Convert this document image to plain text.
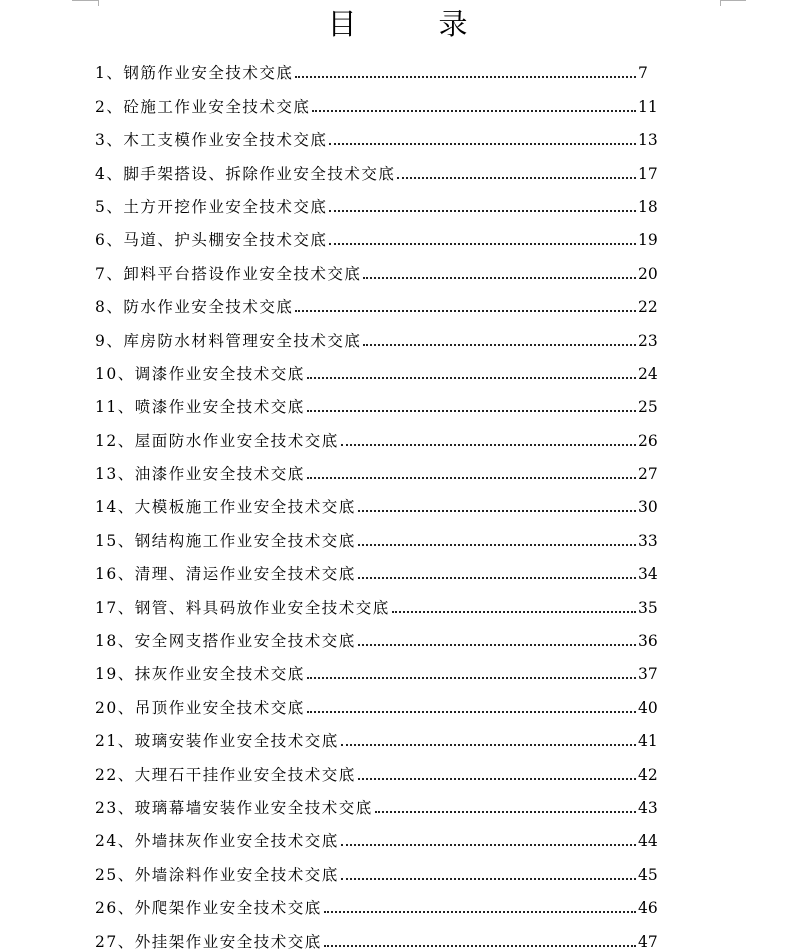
目	录
1、钢筋作业安全技术交底	7
2、砼施工作业安全技术交底	11
3、木工支模作业安全技术交底	13
4、脚手架搭设、拆除作业安全技术交底	17
5、土方开挖作业安全技术交底	18
6、马道、护头棚安全技术交底	19
7、卸料平台搭设作业安全技术交底	20
8、防水作业安全技术交底	22
9、库房防水材料管理安全技术交底	23
10、调漆作业安全技术交底	24
11、喷漆作业安全技术交底	25
12、屋面防水作业安全技术交底	26
13、油漆作业安全技术交底	27
14、大模板施工作业安全技术交底	30
15、钢结构施工作业安全技术交底	33
16、清理、清运作业安全技术交底	34
17、钢管、料具码放作业安全技术交底	35
18、安全网支搭作业安全技术交底	36
19、抹灰作业安全技术交底	37
20、吊顶作业安全技术交底	40
21、玻璃安装作业安全技术交底	41
22、大理石干挂作业安全技术交底	42
23、玻璃幕墙安装作业安全技术交底	43
24、外墙抹灰作业安全技术交底	44
25、外墙涂料作业安全技术交底	45
26、外爬架作业安全技术交底	46
27、外挂架作业安全技术交底	47
